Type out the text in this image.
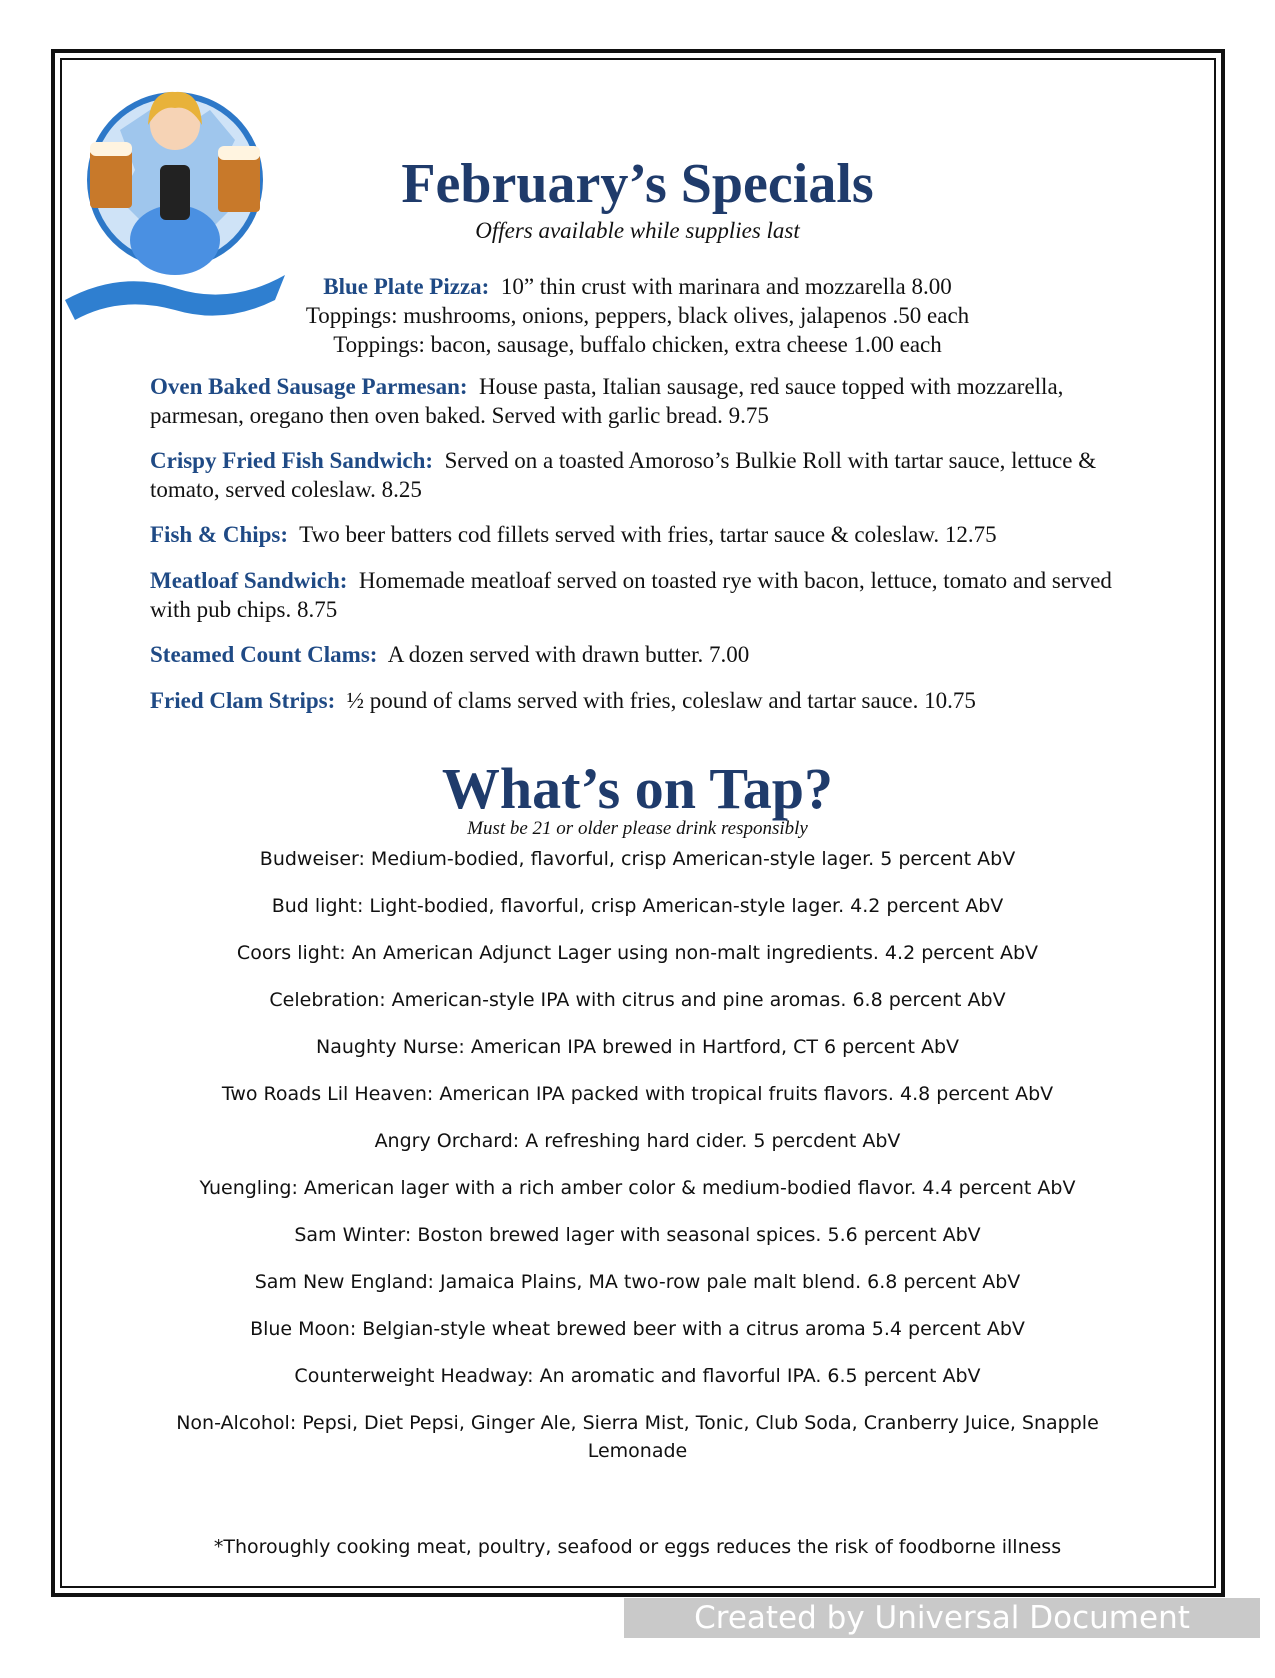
February’s Specials
Offers available while supplies last
Blue Plate Pizza: 10” thin crust with marinara and mozzarella 8.00
Toppings: mushrooms, onions, peppers, black olives, jalapenos .50 each
Toppings: bacon, sausage, buffalo chicken, extra cheese 1.00 each
Oven Baked Sausage Parmesan: House pasta, Italian sausage, red sauce topped with mozzarella, parmesan, oregano then oven baked. Served with garlic bread. 9.75
Crispy Fried Fish Sandwich: Served on a toasted Amoroso’s Bulkie Roll with tartar sauce, lettuce & tomato, served coleslaw. 8.25
Fish & Chips: Two beer batters cod fillets served with fries, tartar sauce & coleslaw. 12.75
Meatloaf Sandwich: Homemade meatloaf served on toasted rye with bacon, lettuce, tomato and served with pub chips. 8.75
Steamed Count Clams: A dozen served with drawn butter. 7.00
Fried Clam Strips: ½ pound of clams served with fries, coleslaw and tartar sauce. 10.75
What’s on Tap?
Must be 21 or older please drink responsibly
Budweiser: Medium-bodied, flavorful, crisp American-style lager. 5 percent AbV
Bud light: Light-bodied, flavorful, crisp American-style lager. 4.2 percent AbV
Coors light: An American Adjunct Lager using non-malt ingredients. 4.2 percent AbV
Celebration: American-style IPA with citrus and pine aromas. 6.8 percent AbV
Naughty Nurse: American IPA brewed in Hartford, CT 6 percent AbV
Two Roads Lil Heaven: American IPA packed with tropical fruits flavors. 4.8 percent AbV
Angry Orchard: A refreshing hard cider. 5 percdent AbV
Yuengling: American lager with a rich amber color & medium-bodied flavor. 4.4 percent AbV
Sam Winter: Boston brewed lager with seasonal spices. 5.6 percent AbV
Sam New England: Jamaica Plains, MA two-row pale malt blend. 6.8 percent AbV
Blue Moon: Belgian-style wheat brewed beer with a citrus aroma 5.4 percent AbV
Counterweight Headway: An aromatic and flavorful IPA. 6.5 percent AbV
Non-Alcohol: Pepsi, Diet Pepsi, Ginger Ale, Sierra Mist, Tonic, Club Soda, Cranberry Juice, Snapple Lemonade
*Thoroughly cooking meat, poultry, seafood or eggs reduces the risk of foodborne illness
Created by Universal Document Converter
